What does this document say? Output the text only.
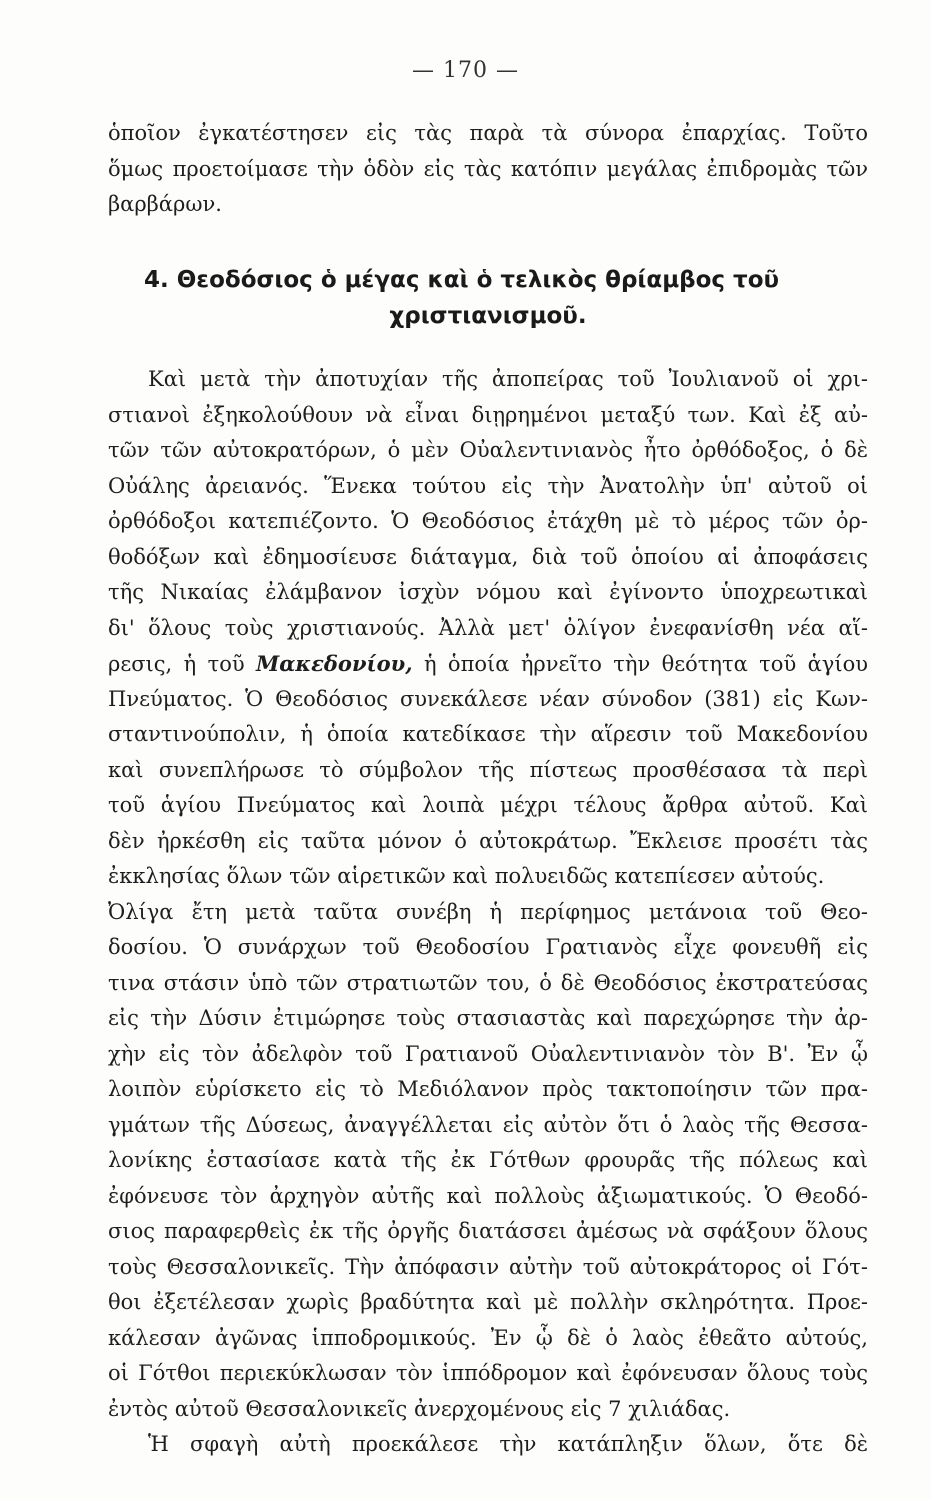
— 170 —
ὁποῖον ἐγκατέστησεν εἰς τὰς παρὰ τὰ σύνορα ἐπαρχίας. Τοῦτο
ὅμως προετοίμασε τὴν ὁδὸν εἰς τὰς κατόπιν μεγάλας ἐπιδρομὰς τῶν
βαρβάρων.
4. Θεοδόσιος ὁ μέγας καὶ ὁ τελικὸς θρίαμβος τοῦ
χριστιανισμοῦ.
Καὶ μετὰ τὴν ἀποτυχίαν τῆς ἀποπείρας τοῦ Ἰουλιανοῦ οἱ χρι-
στιανοὶ ἐξηκολούθουν νὰ εἶναι διῃρημένοι μεταξύ των. Καὶ ἐξ αὐ-
τῶν τῶν αὐτοκρατόρων, ὁ μὲν Οὐαλεντινιανὸς ἦτο ὀρθόδοξος, ὁ δὲ
Οὐάλης ἀρειανός. Ἕνεκα τούτου εἰς τὴν Ἀνατολὴν ὑπ' αὐτοῦ οἱ
ὀρθόδοξοι κατεπιέζοντο. Ὁ Θεοδόσιος ἐτάχθη μὲ τὸ μέρος τῶν ὀρ-
θοδόξων καὶ ἐδημοσίευσε διάταγμα, διὰ τοῦ ὁποίου αἱ ἀποφάσεις
τῆς Νικαίας ἐλάμβανον ἰσχὺν νόμου καὶ ἐγίνοντο ὑποχρεωτικαὶ
δι' ὅλους τοὺς χριστιανούς. Ἀλλὰ μετ' ὀλίγον ἐνεφανίσθη νέα αἵ-
ρεσις, ἡ τοῦ Μακεδονίου, ἡ ὁποία ἠρνεῖτο τὴν θεότητα τοῦ ἁγίου
Πνεύματος. Ὁ Θεοδόσιος συνεκάλεσε νέαν σύνοδον (381) εἰς Κων-
σταντινούπολιν, ἡ ὁποία κατεδίκασε τὴν αἵρεσιν τοῦ Μακεδονίου
καὶ συνεπλήρωσε τὸ σύμβολον τῆς πίστεως προσθέσασα τὰ περὶ
τοῦ ἁγίου Πνεύματος καὶ λοιπὰ μέχρι τέλους ἄρθρα αὐτοῦ. Καὶ
δὲν ἠρκέσθη εἰς ταῦτα μόνον ὁ αὐτοκράτωρ. Ἔκλεισε προσέτι τὰς
ἐκκλησίας ὅλων τῶν αἱρετικῶν καὶ πολυειδῶς κατεπίεσεν αὐτούς.
Ὀλίγα ἔτη μετὰ ταῦτα συνέβη ἡ περίφημος μετάνοια τοῦ Θεο-
δοσίου. Ὁ συνάρχων τοῦ Θεοδοσίου Γρατιανὸς εἶχε φονευθῆ εἰς
τινα στάσιν ὑπὸ τῶν στρατιωτῶν του, ὁ δὲ Θεοδόσιος ἐκστρατεύσας
εἰς τὴν Δύσιν ἐτιμώρησε τοὺς στασιαστὰς καὶ παρεχώρησε τὴν ἀρ-
χὴν εἰς τὸν ἀδελφὸν τοῦ Γρατιανοῦ Οὐαλεντινιανὸν τὸν Β'. Ἐν ᾧ
λοιπὸν εὑρίσκετο εἰς τὸ Μεδιόλανον πρὸς τακτοποίησιν τῶν πρα-
γμάτων τῆς Δύσεως, ἀναγγέλλεται εἰς αὐτὸν ὅτι ὁ λαὸς τῆς Θεσσα-
λονίκης ἐστασίασε κατὰ τῆς ἐκ Γότθων φρουρᾶς τῆς πόλεως καὶ
ἐφόνευσε τὸν ἀρχηγὸν αὐτῆς καὶ πολλοὺς ἀξιωματικούς. Ὁ Θεοδό-
σιος παραφερθεὶς ἐκ τῆς ὀργῆς διατάσσει ἀμέσως νὰ σφάξουν ὅλους
τοὺς Θεσσαλονικεῖς. Τὴν ἀπόφασιν αὐτὴν τοῦ αὐτοκράτορος οἱ Γότ-
θοι ἐξετέλεσαν χωρὶς βραδύτητα καὶ μὲ πολλὴν σκληρότητα. Προε-
κάλεσαν ἀγῶνας ἱπποδρομικούς. Ἐν ᾧ δὲ ὁ λαὸς ἐθεᾶτο αὐτούς,
οἱ Γότθοι περιεκύκλωσαν τὸν ἱππόδρομον καὶ ἐφόνευσαν ὅλους τοὺς
ἐντὸς αὐτοῦ Θεσσαλονικεῖς ἀνερχομένους εἰς 7 χιλιάδας.
Ἡ σφαγὴ αὐτὴ προεκάλεσε τὴν κατάπληξιν ὅλων, ὅτε δὲ
